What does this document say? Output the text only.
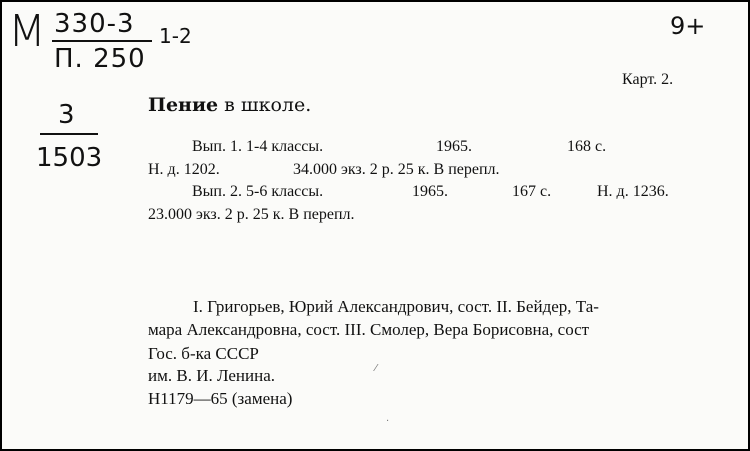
M 330-3
П. 250
1-2
3
1503
9+
Карт. 2.
Пение в школе.
Вып. 1. 1-4 классы.	1965.	168 с.
Н. д. 1202.	34.000 экз. 2 р. 25 к. В перепл.
Вып. 2. 5-6 классы.	1965.	167 с.	Н. д. 1236.
23.000 экз. 2 р. 25 к. В перепл.
I. Григорьев, Юрий Александрович, сост. II. Бейдер, Та-
мара Александровна, сост. III. Смолер, Вера Борисовна, сост
Гос. б-ка СССР
им. В. И. Ленина.
Н1179—65 (замена)
⁄
·
